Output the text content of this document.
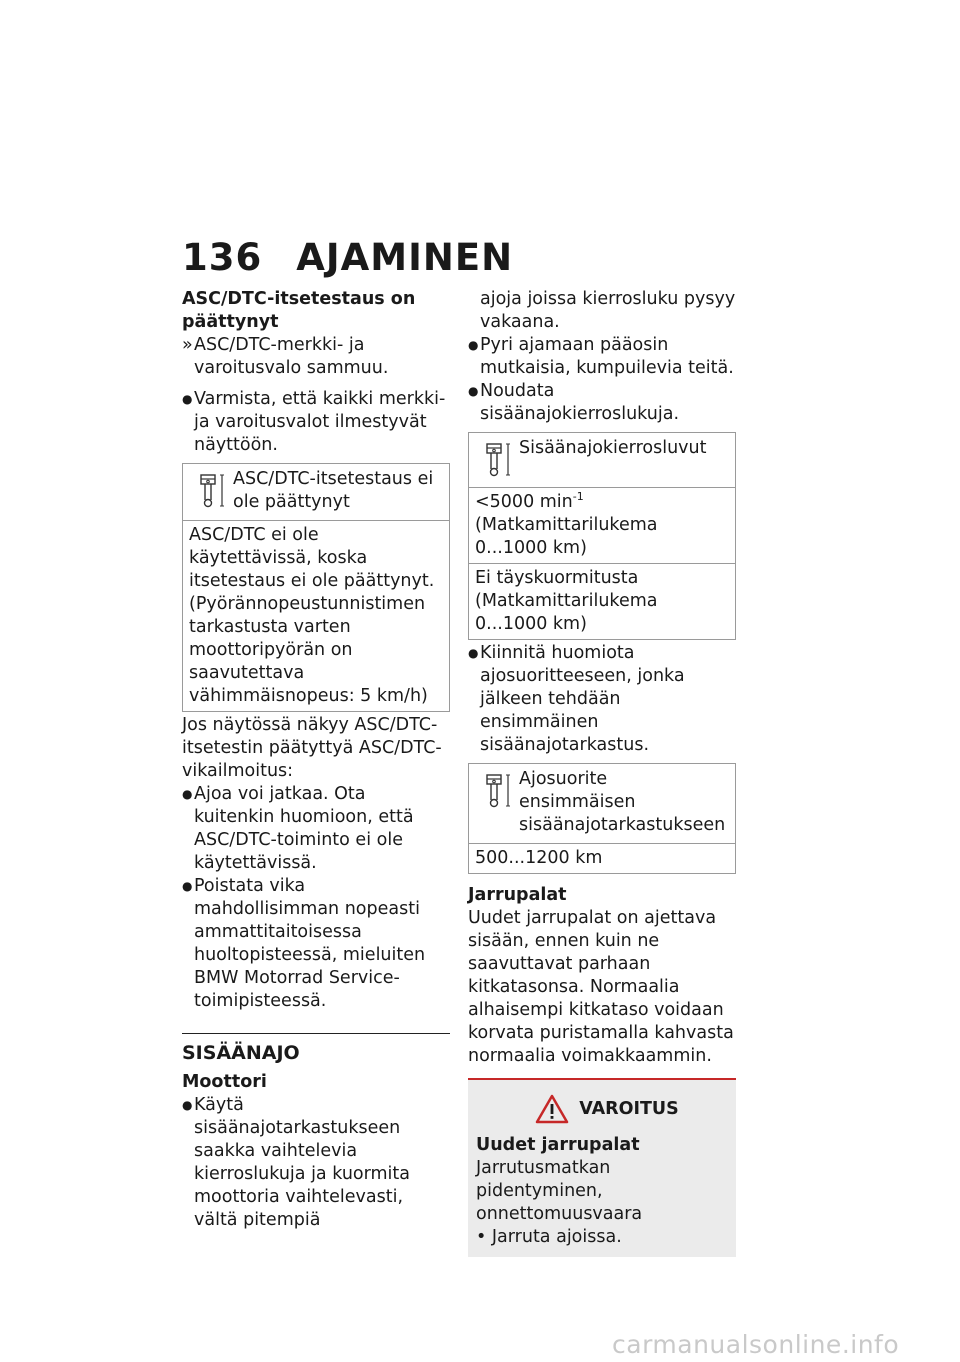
136 AJAMINEN
ASC/DTC-itsetestaus on päättynyt
» ASC/DTC-merkki- ja varoitusvalo sammuu.
● Varmista, että kaikki merkki- ja varoitusvalot ilmestyvät näyttöön.
ASC/DTC-itsetestaus ei ole päättynyt
ASC/DTC ei ole käytettävissä, koska itsetestaus ei ole päättynyt. (Pyörännopeustunnistimen tarkastusta varten moottoripyörän on saavutettava vähimmäisnopeus: 5 km/h)
Jos näytössä näkyy ASC/DTC-itsetestin päätyttyä ASC/DTC-vikailmoitus:
● Ajoa voi jatkaa. Ota kuitenkin huomioon, että ASC/DTC-toiminto ei ole käytettävissä.
● Poistata vika mahdollisimman nopeasti ammattitaitoisessa huoltopisteessä, mieluiten BMW Motorrad Service-toimipisteessä.
SISÄÄNAJO
Moottori
● Käytä sisäänajotarkastukseen saakka vaihtelevia kierroslukuja ja kuormita moottoria vaihtelevasti, vältä pitempiä
ajoja joissa kierrosluku pysyy vakaana.
● Pyri ajamaan pääosin mutkaisia, kumpuilevia teitä.
● Noudata sisäänajokierroslukuja.
Sisäänajokierrosluvut
<5000 $\min^{-1}$ (Matkamittarilukema 0...1000 km)
Ei täyskuormitusta (Matkamittarilukema 0...1000 km)
● Kiinnitä huomiota ajosuoritteeseen, jonka jälkeen tehdään ensimmäinen sisäänajotarkastus.
Ajosuorite ensimmäisen sisäänajotarkastukseen
500...1200 km
Jarrupalat
Uudet jarrupalat on ajettava sisään, ennen kuin ne saavuttavat parhaan kitkatasonsa. Normaalia alhaisempi kitkataso voidaan korvata puristamalla kahvasta normaalia voimakkaammin.
VAROITUS
Uudet jarrupalat
Jarrutusmatkan pidentyminen, onnettomuusvaara
• Jarruta ajoissa.
carmanualsonline.info
